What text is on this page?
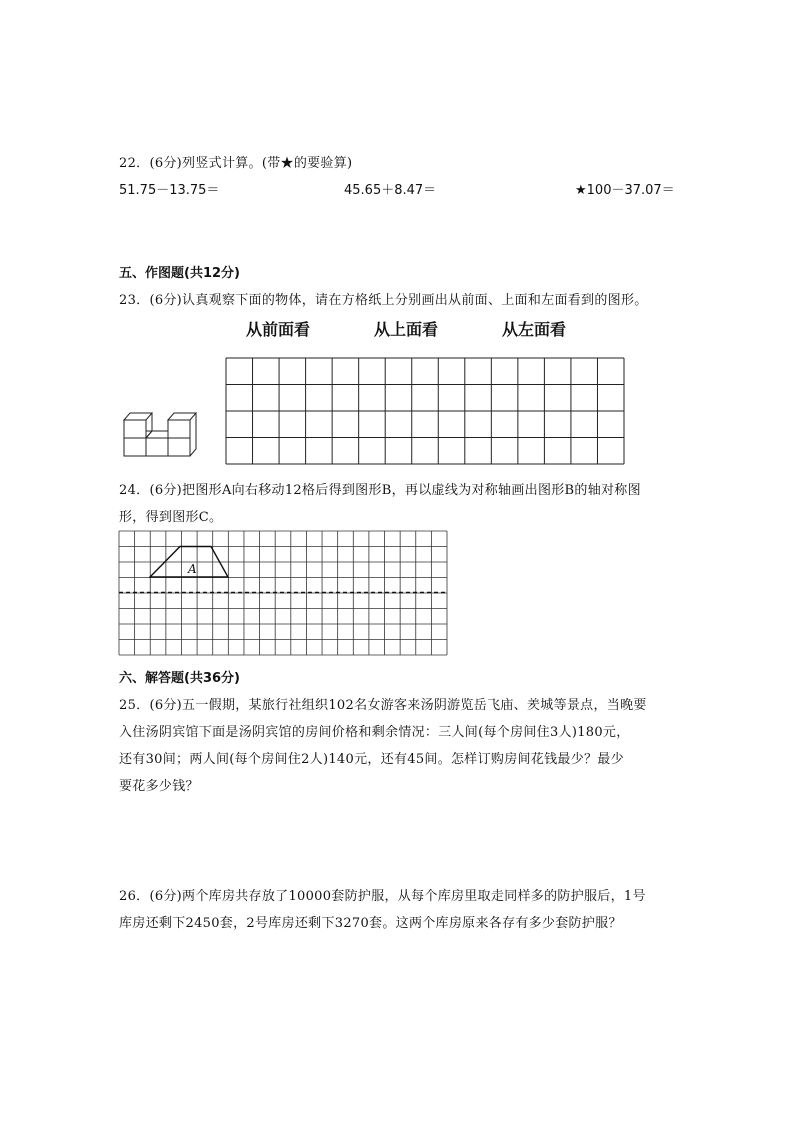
22．(6分)列竖式计算。(带★的要验算)
51.75－13.75＝	45.65＋8.47＝	★100－37.07＝
五、作图题(共12分)
23．(6分)认真观察下面的物体，请在方格纸上分别画出从前面、上面和左面看到的图形。
从前面看	从上面看	从左面看
24．(6分)把图形A向右移动12格后得到图形B，再以虚线为对称轴画出图形B的轴对称图
形，得到图形C。
A
六、解答题(共36分)
25．(6分)五一假期，某旅行社组织102名女游客来汤阴游览岳飞庙、羑城等景点，当晚要
入住汤阴宾馆下面是汤阴宾馆的房间价格和剩余情况：三人间(每个房间住3人)180元，
还有30间；两人间(每个房间住2人)140元，还有45间。怎样订购房间花钱最少？最少
要花多少钱？
26．(6分)两个库房共存放了10000套防护服，从每个库房里取走同样多的防护服后，1号
库房还剩下2450套，2号库房还剩下3270套。这两个库房原来各存有多少套防护服？
